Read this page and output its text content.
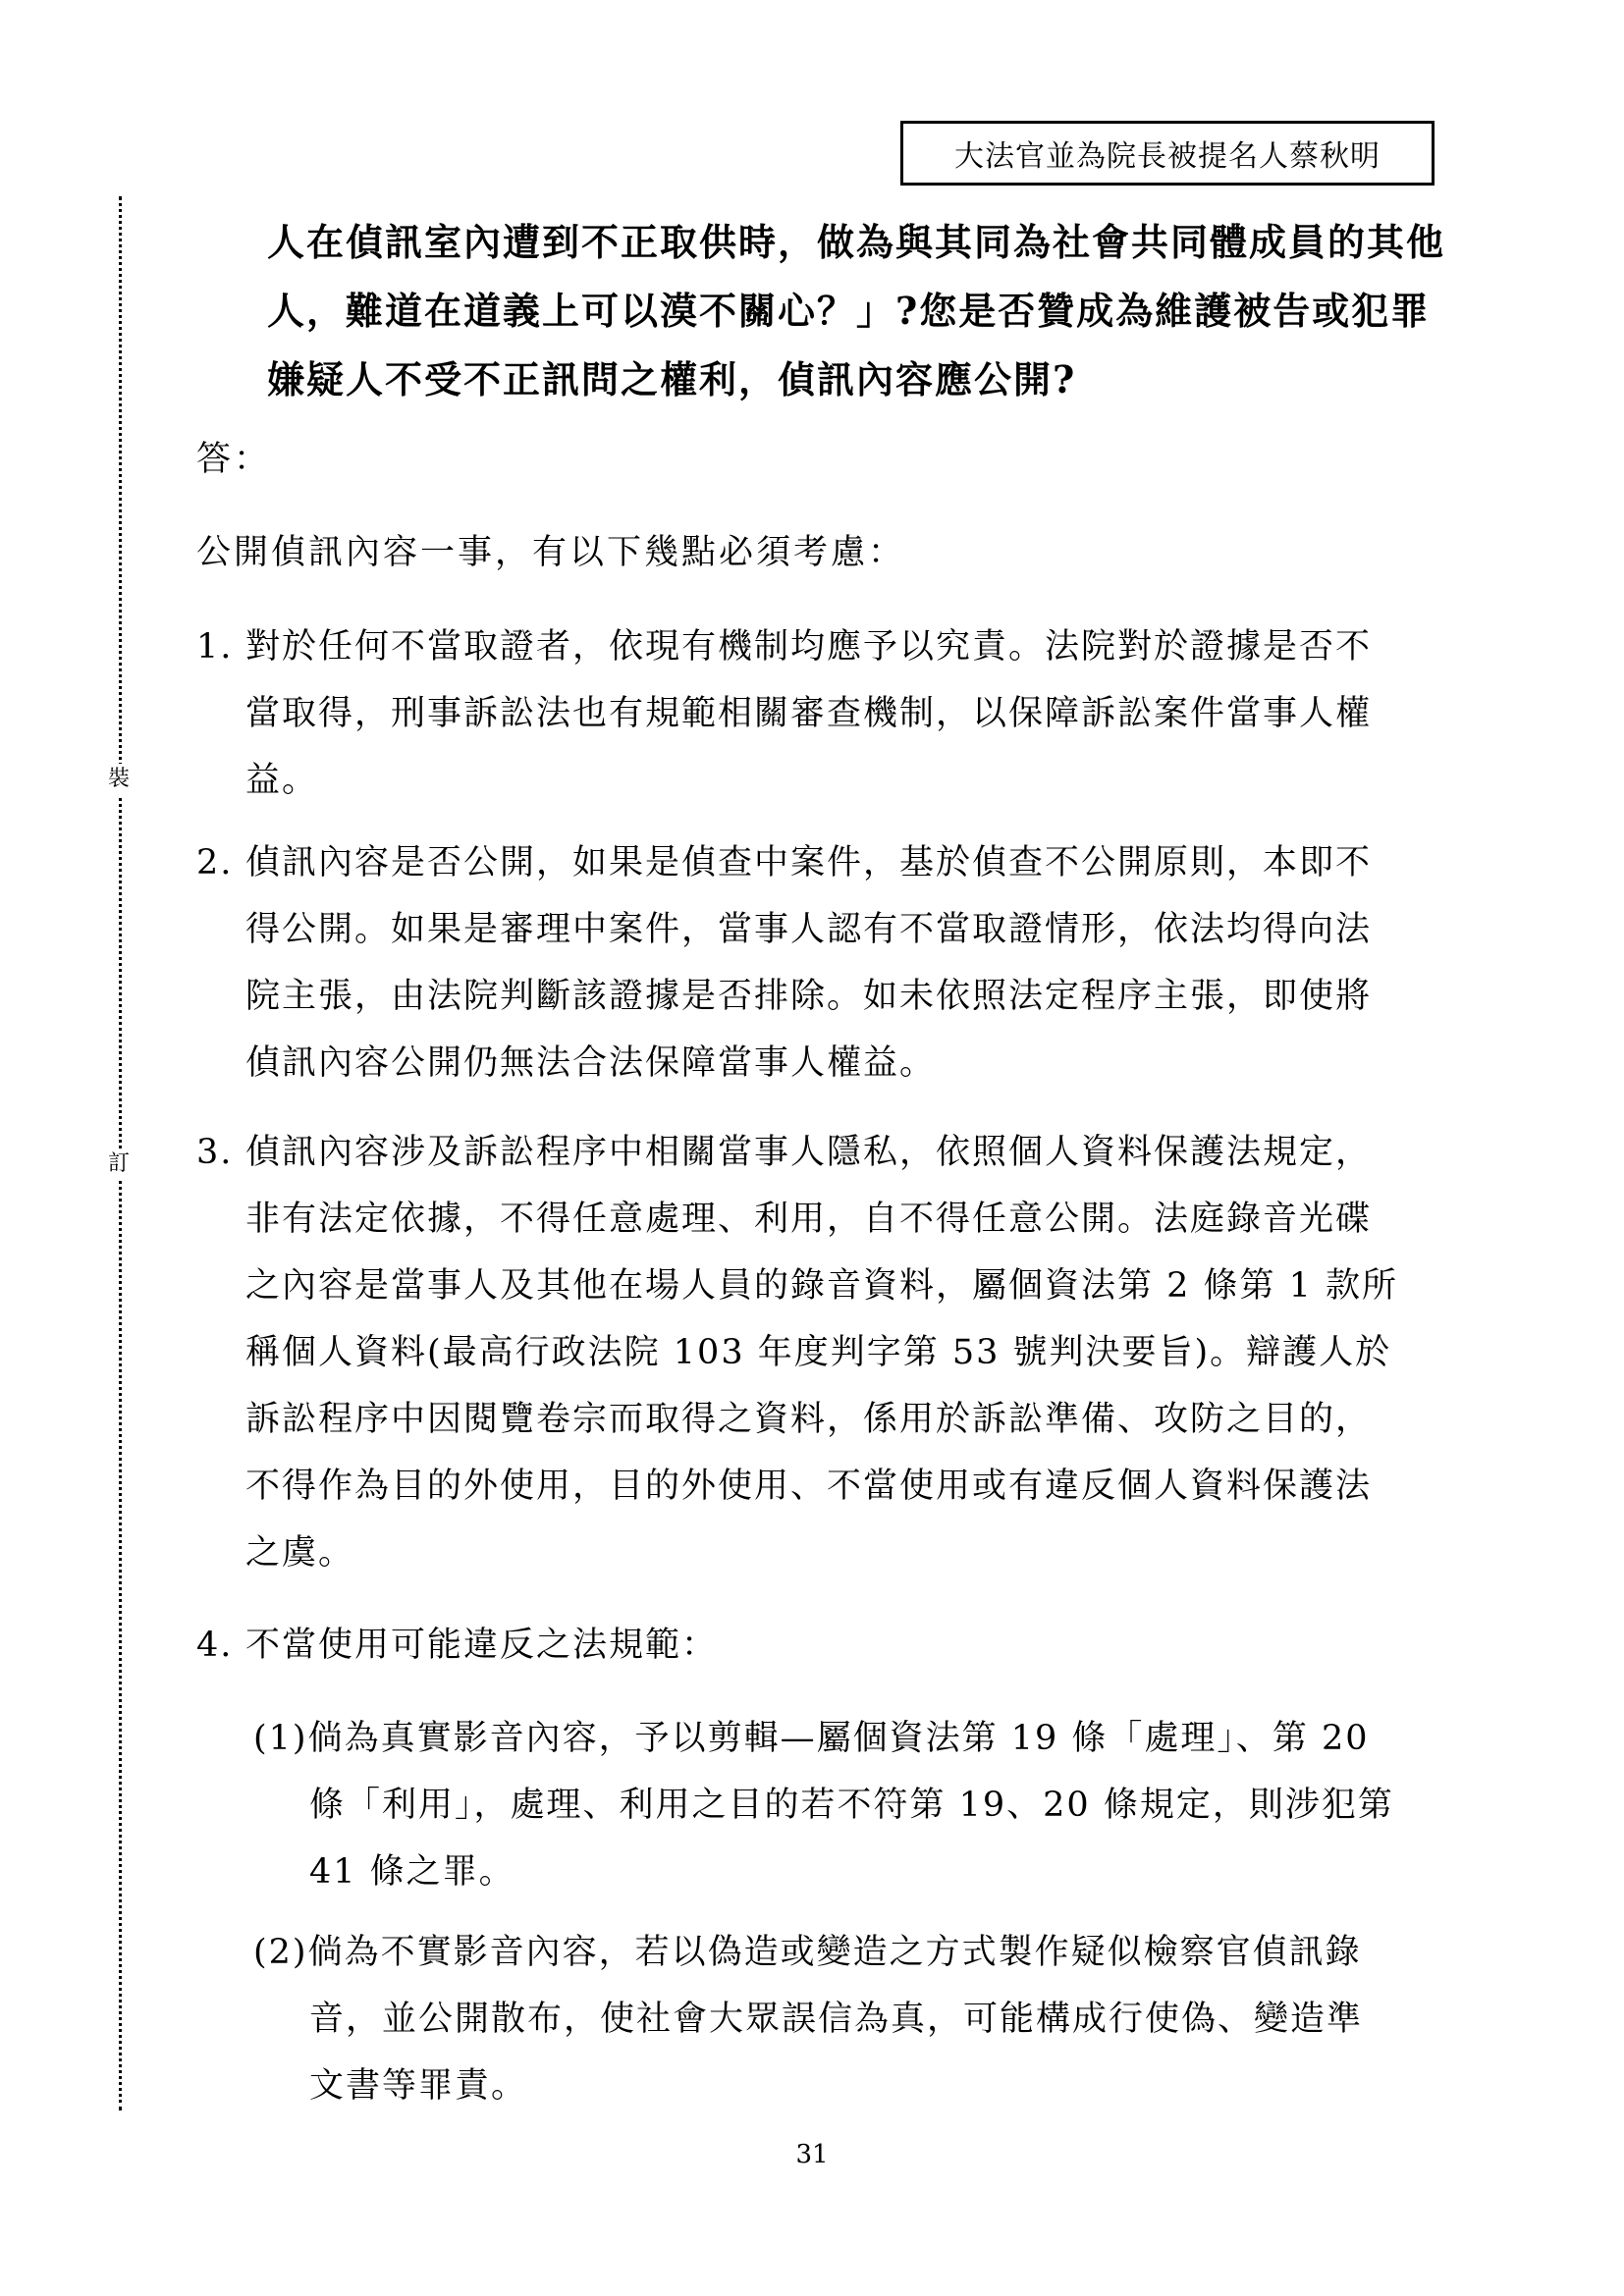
大法官並為院長被提名人蔡秋明
裝
訂
人在偵訊室內遭到不正取供時，做為與其同為社會共同體成員的其他
人，難道在道義上可以漠不關心？」?您是否贊成為維護被告或犯罪
嫌疑人不受不正訊問之權利，偵訊內容應公開?
答：
公開偵訊內容一事，有以下幾點必須考慮：
1. 對於任何不當取證者，依現有機制均應予以究責。法院對於證據是否不
當取得，刑事訴訟法也有規範相關審查機制，以保障訴訟案件當事人權
益。
2. 偵訊內容是否公開，如果是偵查中案件，基於偵查不公開原則，本即不
得公開。如果是審理中案件，當事人認有不當取證情形，依法均得向法
院主張，由法院判斷該證據是否排除。如未依照法定程序主張，即使將
偵訊內容公開仍無法合法保障當事人權益。
3. 偵訊內容涉及訴訟程序中相關當事人隱私，依照個人資料保護法規定，
非有法定依據，不得任意處理、利用，自不得任意公開。法庭錄音光碟
之內容是當事人及其他在場人員的錄音資料，屬個資法第 2 條第 1 款所
稱個人資料(最高行政法院 103 年度判字第 53 號判決要旨)。辯護人於
訴訟程序中因閱覽卷宗而取得之資料，係用於訴訟準備、攻防之目的，
不得作為目的外使用，目的外使用、不當使用或有違反個人資料保護法
之虞。
4. 不當使用可能違反之法規範：
(1)倘為真實影音內容，予以剪輯—屬個資法第 19 條「處理」、第 20
條「利用」，處理、利用之目的若不符第 19、20 條規定，則涉犯第
41 條之罪。
(2)倘為不實影音內容，若以偽造或變造之方式製作疑似檢察官偵訊錄
音，並公開散布，使社會大眾誤信為真，可能構成行使偽、變造準
文書等罪責。
31
